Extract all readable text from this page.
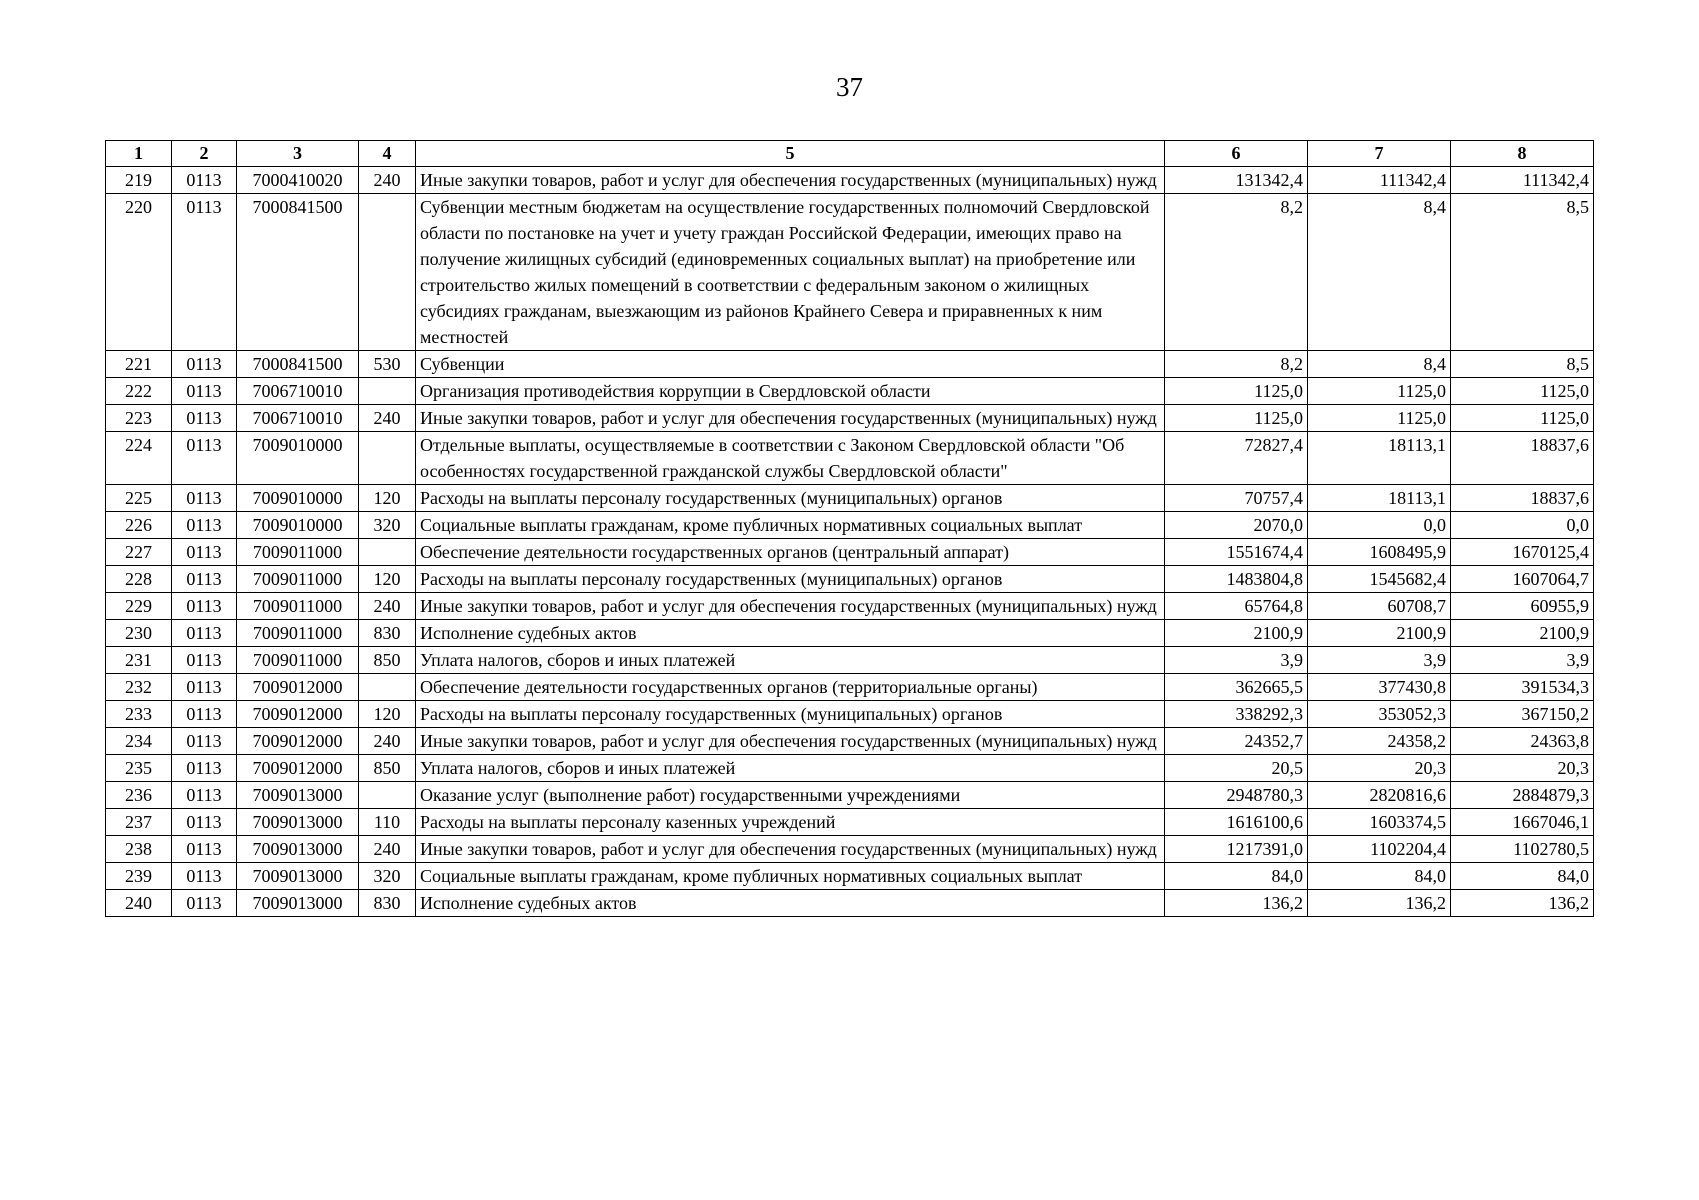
37
1	2	3	4	5	6	7	8
219	0113	7000410020	240	Иные закупки товаров, работ и услуг для обеспечения государственных (муниципальных) нужд	131342,4	111342,4	111342,4
220	0113	7000841500		Субвенции местным бюджетам на осуществление государственных полномочий Свердловской области по постановке на учет и учету граждан Российской Федерации, имеющих право на получение жилищных субсидий (единовременных социальных выплат) на приобретение или строительство жилых помещений в соответствии с федеральным законом о жилищных субсидиях гражданам, выезжающим из районов Крайнего Севера и приравненных к ним местностей	8,2	8,4	8,5
221	0113	7000841500	530	Субвенции	8,2	8,4	8,5
222	0113	7006710010		Организация противодействия коррупции в Свердловской области	1125,0	1125,0	1125,0
223	0113	7006710010	240	Иные закупки товаров, работ и услуг для обеспечения государственных (муниципальных) нужд	1125,0	1125,0	1125,0
224	0113	7009010000		Отдельные выплаты, осуществляемые в соответствии с Законом Свердловской области "Об особенностях государственной гражданской службы Свердловской области"	72827,4	18113,1	18837,6
225	0113	7009010000	120	Расходы на выплаты персоналу государственных (муниципальных) органов	70757,4	18113,1	18837,6
226	0113	7009010000	320	Социальные выплаты гражданам, кроме публичных нормативных социальных выплат	2070,0	0,0	0,0
227	0113	7009011000		Обеспечение деятельности государственных органов (центральный аппарат)	1551674,4	1608495,9	1670125,4
228	0113	7009011000	120	Расходы на выплаты персоналу государственных (муниципальных) органов	1483804,8	1545682,4	1607064,7
229	0113	7009011000	240	Иные закупки товаров, работ и услуг для обеспечения государственных (муниципальных) нужд	65764,8	60708,7	60955,9
230	0113	7009011000	830	Исполнение судебных актов	2100,9	2100,9	2100,9
231	0113	7009011000	850	Уплата налогов, сборов и иных платежей	3,9	3,9	3,9
232	0113	7009012000		Обеспечение деятельности государственных органов (территориальные органы)	362665,5	377430,8	391534,3
233	0113	7009012000	120	Расходы на выплаты персоналу государственных (муниципальных) органов	338292,3	353052,3	367150,2
234	0113	7009012000	240	Иные закупки товаров, работ и услуг для обеспечения государственных (муниципальных) нужд	24352,7	24358,2	24363,8
235	0113	7009012000	850	Уплата налогов, сборов и иных платежей	20,5	20,3	20,3
236	0113	7009013000		Оказание услуг (выполнение работ) государственными учреждениями	2948780,3	2820816,6	2884879,3
237	0113	7009013000	110	Расходы на выплаты персоналу казенных учреждений	1616100,6	1603374,5	1667046,1
238	0113	7009013000	240	Иные закупки товаров, работ и услуг для обеспечения государственных (муниципальных) нужд	1217391,0	1102204,4	1102780,5
239	0113	7009013000	320	Социальные выплаты гражданам, кроме публичных нормативных социальных выплат	84,0	84,0	84,0
240	0113	7009013000	830	Исполнение судебных актов	136,2	136,2	136,2
